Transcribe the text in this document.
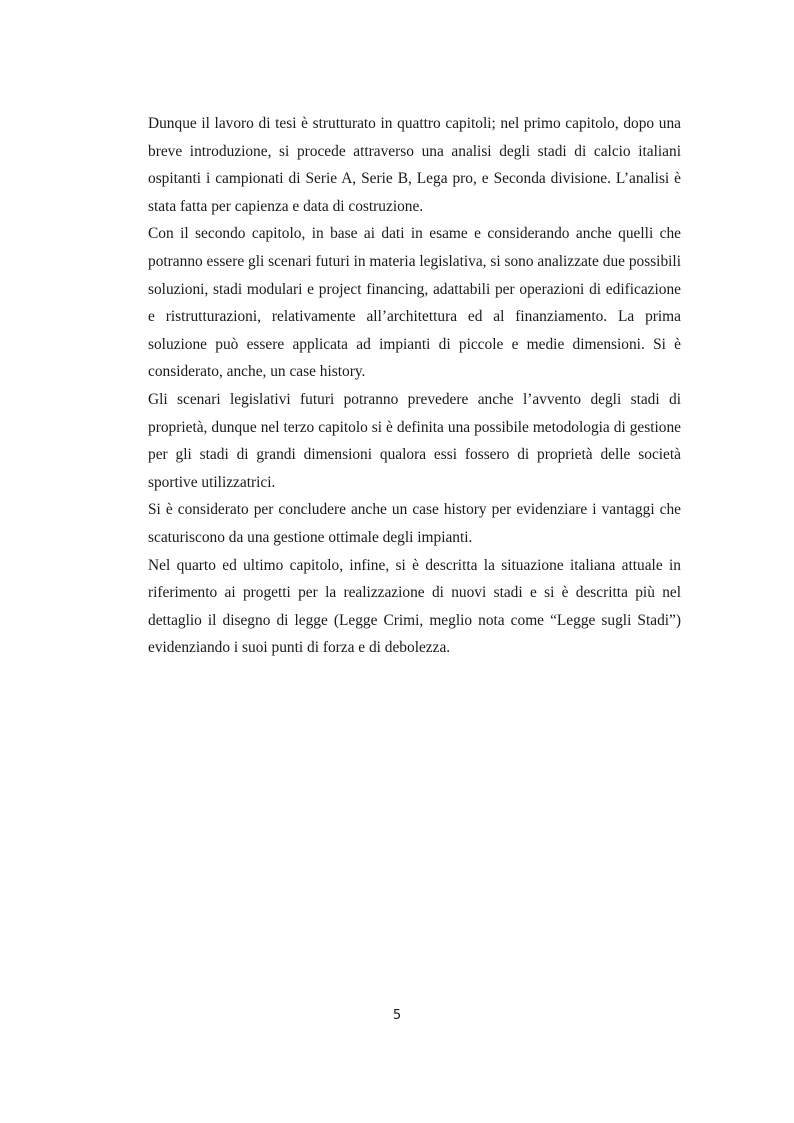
Dunque il lavoro di tesi è strutturato in quattro capitoli; nel primo capitolo, dopo una breve introduzione, si procede attraverso una analisi degli stadi di calcio italiani ospitanti i campionati di Serie A, Serie B, Lega pro, e Seconda divisione. L’analisi è stata fatta per capienza e data di costruzione.

Con il secondo capitolo, in base ai dati in esame e considerando anche quelli che potranno essere gli scenari futuri in materia legislativa, si sono analizzate due possibili soluzioni, stadi modulari e project financing, adattabili per operazioni di edificazione e ristrutturazioni, relativamente all’architettura ed al finanziamento. La prima soluzione può essere applicata ad impianti di piccole e medie dimensioni. Si è considerato, anche, un case history.

Gli scenari legislativi futuri potranno prevedere anche l’avvento degli stadi di proprietà, dunque nel terzo capitolo si è definita una possibile metodologia di gestione per gli stadi di grandi dimensioni qualora essi fossero di proprietà delle società sportive utilizzatrici.

Si è considerato per concludere anche un case history per evidenziare i vantaggi che scaturiscono da una gestione ottimale degli impianti.

Nel quarto ed ultimo capitolo, infine, si è descritta la situazione italiana attuale in riferimento ai progetti per la realizzazione di nuovi stadi e si è descritta più nel dettaglio il disegno di legge (Legge Crimi, meglio nota come “Legge sugli Stadi”) evidenziando i suoi punti di forza e di debolezza.

5
